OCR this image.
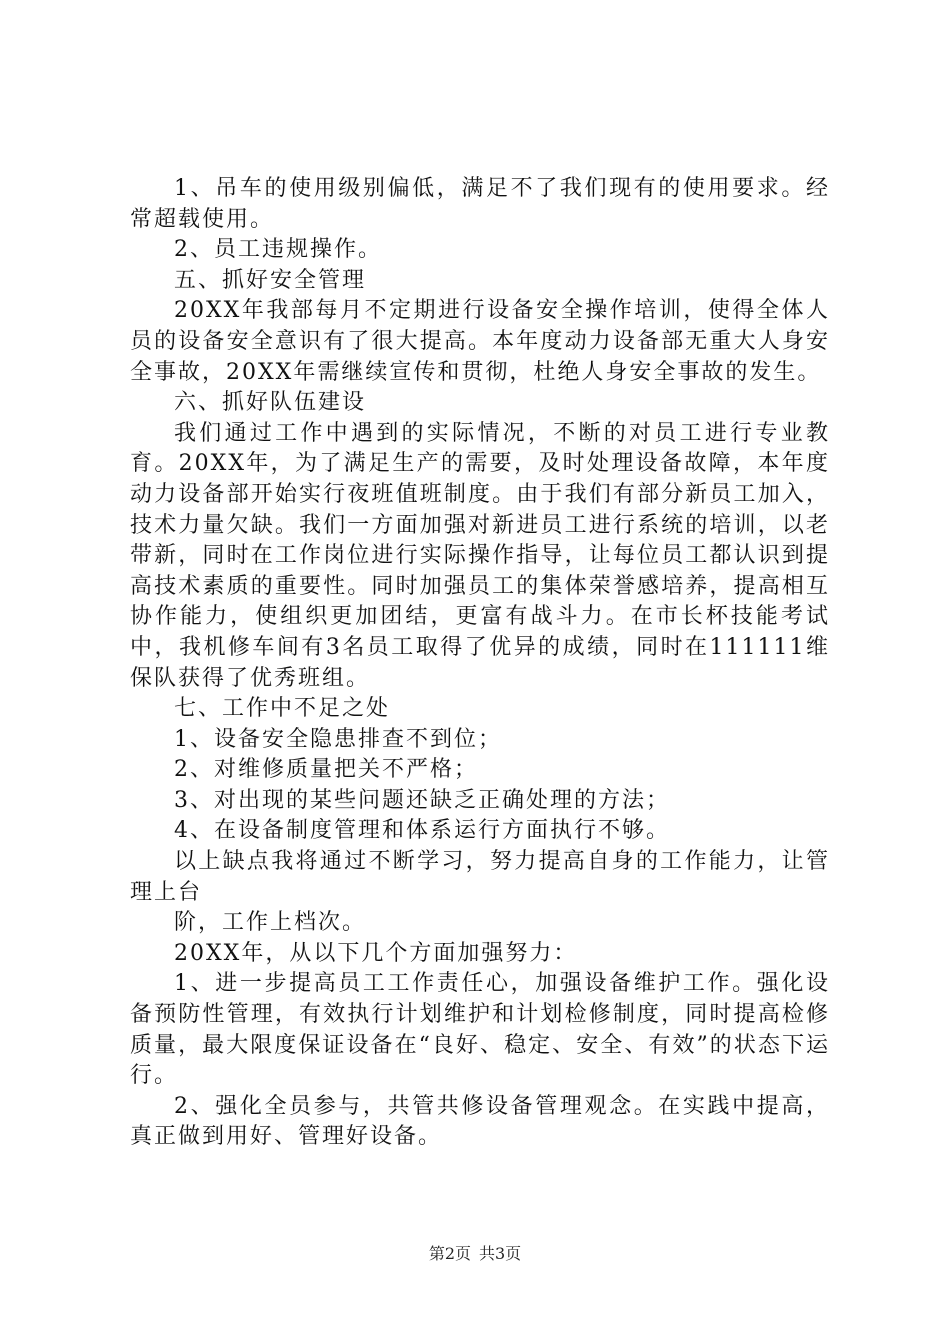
1、吊车的使用级别偏低，满足不了我们现有的使用要求。经常超载使用。

2、员工违规操作。

五、抓好安全管理

20XX年我部每月不定期进行设备安全操作培训，使得全体人员的设备安全意识有了很大提高。本年度动力设备部无重大人身安全事故，20XX年需继续宣传和贯彻，杜绝人身安全事故的发生。

六、抓好队伍建设

我们通过工作中遇到的实际情况，不断的对员工进行专业教育。20XX年，为了满足生产的需要，及时处理设备故障，本年度动力设备部开始实行夜班值班制度。由于我们有部分新员工加入，技术力量欠缺。我们一方面加强对新进员工进行系统的培训，以老带新，同时在工作岗位进行实际操作指导，让每位员工都认识到提高技术素质的重要性。同时加强员工的集体荣誉感培养，提高相互协作能力，使组织更加团结，更富有战斗力。在市长杯技能考试中，我机修车间有3名员工取得了优异的成绩，同时在111111维保队获得了优秀班组。

七、工作中不足之处

1、设备安全隐患排查不到位；

2、对维修质量把关不严格；

3、对出现的某些问题还缺乏正确处理的方法；

4、在设备制度管理和体系运行方面执行不够。

以上缺点我将通过不断学习，努力提高自身的工作能力，让管理上台

阶，工作上档次。

20XX年，从以下几个方面加强努力：

1、进一步提高员工工作责任心，加强设备维护工作。强化设备预防性管理，有效执行计划维护和计划检修制度，同时提高检修质量，最大限度保证设备在“良好、稳定、安全、有效”的状态下运行。

2、强化全员参与，共管共修设备管理观念。在实践中提高，真正做到用好、管理好设备。

第2页 共3页
